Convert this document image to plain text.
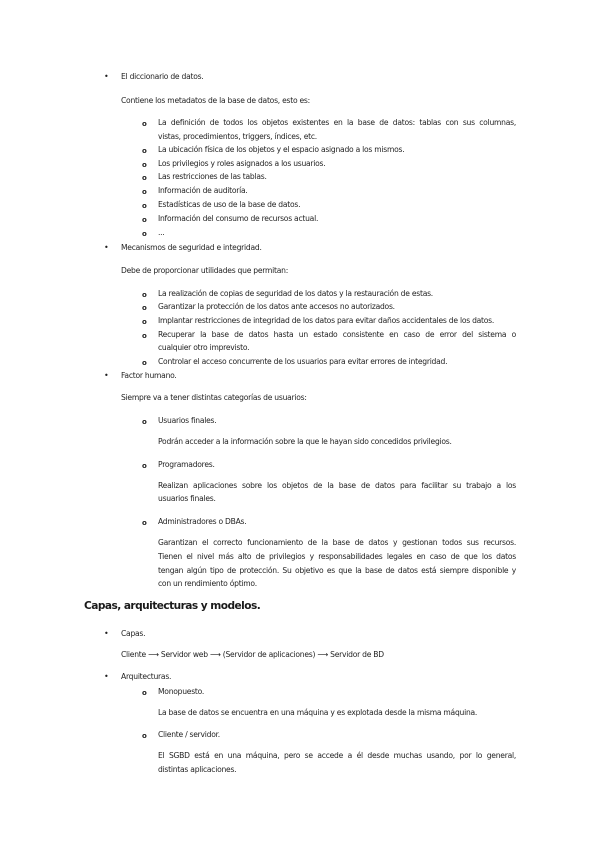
• El diccionario de datos.
Contiene los metadatos de la base de datos, esto es:
o La definición de todos los objetos existentes en la base de datos: tablas con sus columnas,
vistas, procedimientos, triggers, índices, etc.
o La ubicación física de los objetos y el espacio asignado a los mismos.
o Los privilegios y roles asignados a los usuarios.
o Las restricciones de las tablas.
o Información de auditoría.
o Estadísticas de uso de la base de datos.
o Información del consumo de recursos actual.
o ...
• Mecanismos de seguridad e integridad.
Debe de proporcionar utilidades que permitan:
o La realización de copias de seguridad de los datos y la restauración de estas.
o Garantizar la protección de los datos ante accesos no autorizados.
o Implantar restricciones de integridad de los datos para evitar daños accidentales de los datos.
o Recuperar la base de datos hasta un estado consistente en caso de error del sistema o
cualquier otro imprevisto.
o Controlar el acceso concurrente de los usuarios para evitar errores de integridad.
• Factor humano.
Siempre va a tener distintas categorías de usuarios:
o Usuarios finales.
Podrán acceder a la información sobre la que le hayan sido concedidos privilegios.
o Programadores.
Realizan aplicaciones sobre los objetos de la base de datos para facilitar su trabajo a los
usuarios finales.
o Administradores o DBAs.
Garantizan el correcto funcionamiento de la base de datos y gestionan todos sus recursos.
Tienen el nivel más alto de privilegios y responsabilidades legales en caso de que los datos
tengan algún tipo de protección. Su objetivo es que la base de datos está siempre disponible y
con un rendimiento óptimo.
Capas, arquitecturas y modelos.
• Capas.
Cliente ⟶ Servidor web ⟶ (Servidor de aplicaciones) ⟶ Servidor de BD
• Arquitecturas.
o Monopuesto.
La base de datos se encuentra en una máquina y es explotada desde la misma máquina.
o Cliente / servidor.
El SGBD está en una máquina, pero se accede a él desde muchas usando, por lo general,
distintas aplicaciones.
